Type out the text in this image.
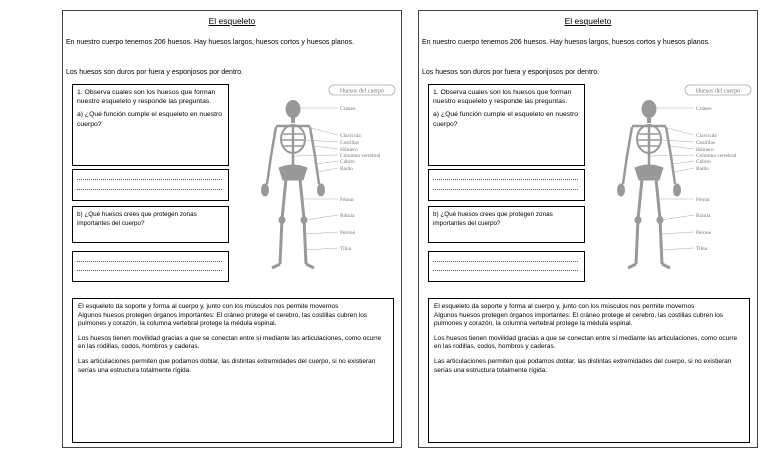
El esqueleto
En nuestro cuerpo tenemos 206 huesos. Hay huesos largos, huesos cortos y huesos planos.
Los huesos son duros por fuera y esponjosos por dentro.

1. Observa cuales son los huesos que forman nuestro esqueleto y responde las preguntas.

a) ¿Qué función cumple el esqueleto en nuestro cuerpo?

b) ¿Qué huesos crees que protegen zonas importantes del cuerpo?
Huesos del cuerpo
Cráneo
Clavícula
Costillas
Húmero
Columna vertebral
Cúbito
Radio
Fémur
Rótula
Peroné
Tibia

El esqueleto da soporte y forma al cuerpo y, junto con los músculos nos permite movernos

Algunos huesos protegen órganos importantes: El cráneo protege el cerebro, las costillas cubren los pulmones y corazón, la columna vertebral protege la médula espinal.

Los huesos tienen movilidad gracias a que se conectan entre sí mediante las articulaciones, como ocurre en las rodillas, codos, hombros y caderas.

Las articulaciones permiten que podamos doblar, las distintas extremidades del cuerpo, si no existieran serías una estructura totalmente rígida.

El esqueleto
En nuestro cuerpo tenemos 206 huesos. Hay huesos largos, huesos cortos y huesos planos.
Los huesos son duros por fuera y esponjosos por dentro.

1. Observa cuales son los huesos que forman nuestro esqueleto y responde las preguntas.

a) ¿Qué función cumple el esqueleto en nuestro cuerpo?

b) ¿Qué huesos crees que protegen zonas importantes del cuerpo?
Huesos del cuerpo
Cráneo
Clavícula
Costillas
Húmero
Columna vertebral
Cúbito
Radio
Fémur
Rótula
Peroné
Tibia

El esqueleto da soporte y forma al cuerpo y, junto con los músculos nos permite movernos

Algunos huesos protegen órganos importantes: El cráneo protege el cerebro, las costillas cubren los pulmones y corazón, la columna vertebral protege la médula espinal.

Los huesos tienen movilidad gracias a que se conectan entre sí mediante las articulaciones, como ocurre en las rodillas, codos, hombros y caderas.

Las articulaciones permiten que podamos doblar, las distintas extremidades del cuerpo, si no existieran serías una estructura totalmente rígida.
